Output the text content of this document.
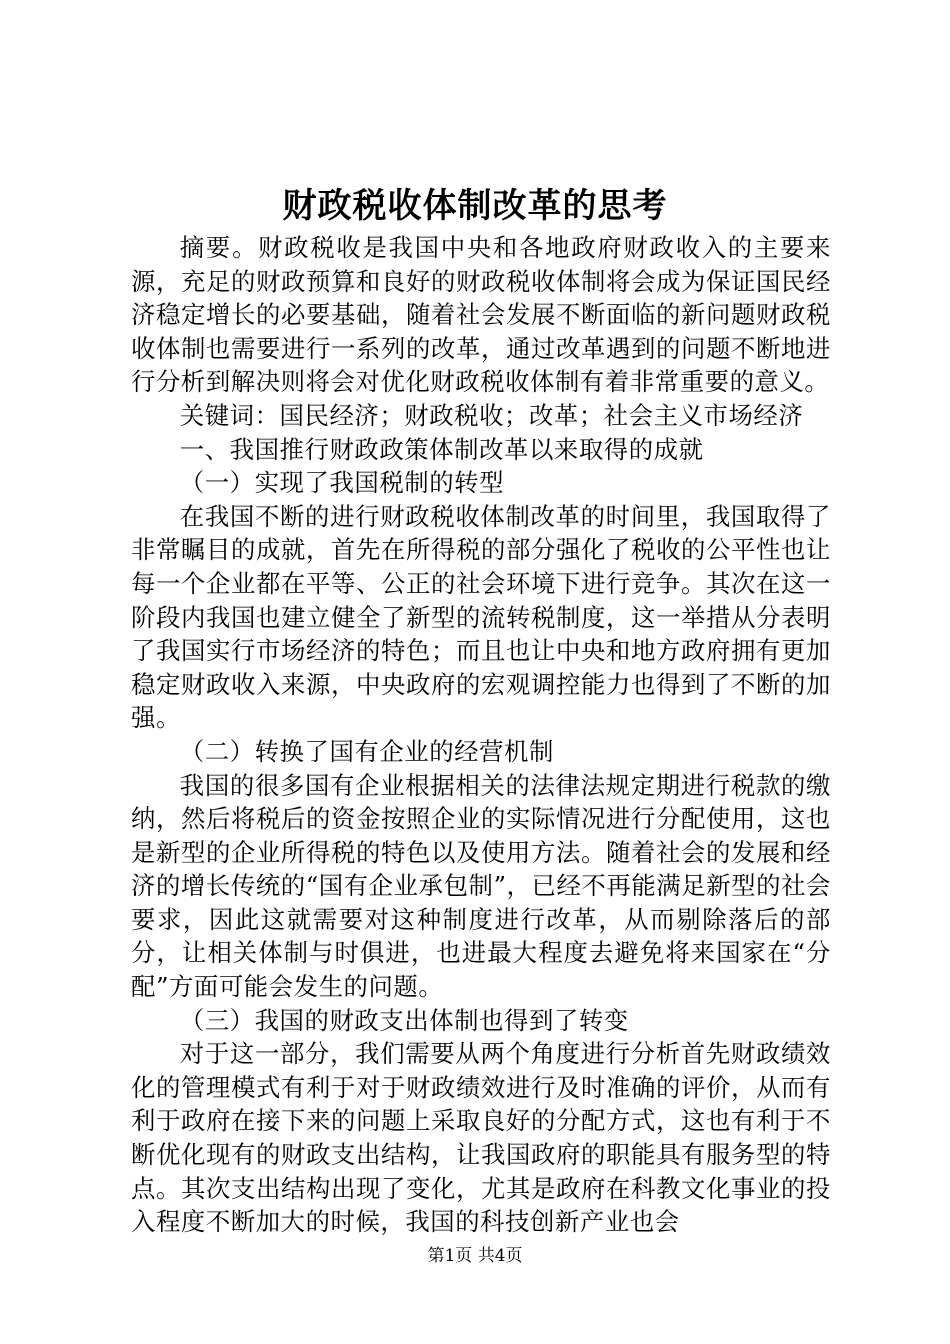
财政税收体制改革的思考

摘要。财政税收是我国中央和各地政府财政收入的主要来源，充足的财政预算和良好的财政税收体制将会成为保证国民经济稳定增长的必要基础，随着社会发展不断面临的新问题财政税收体制也需要进行一系列的改革，通过改革遇到的问题不断地进行分析到解决则将会对优化财政税收体制有着非常重要的意义。

关键词：国民经济；财政税收；改革；社会主义市场经济

一、我国推行财政政策体制改革以来取得的成就

（一）实现了我国税制的转型

在我国不断的进行财政税收体制改革的时间里，我国取得了非常瞩目的成就，首先在所得税的部分强化了税收的公平性也让每一个企业都在平等、公正的社会环境下进行竞争。其次在这一阶段内我国也建立健全了新型的流转税制度，这一举措从分表明了我国实行市场经济的特色；而且也让中央和地方政府拥有更加稳定财政收入来源，中央政府的宏观调控能力也得到了不断的加强。

（二）转换了国有企业的经营机制

我国的很多国有企业根据相关的法律法规定期进行税款的缴纳，然后将税后的资金按照企业的实际情况进行分配使用，这也是新型的企业所得税的特色以及使用方法。随着社会的发展和经济的增长传统的“国有企业承包制”，已经不再能满足新型的社会要求，因此这就需要对这种制度进行改革，从而剔除落后的部分，让相关体制与时俱进，也进最大程度去避免将来国家在“分配”方面可能会发生的问题。

（三）我国的财政支出体制也得到了转变

对于这一部分，我们需要从两个角度进行分析首先财政绩效化的管理模式有利于对于财政绩效进行及时准确的评价，从而有利于政府在接下来的问题上采取良好的分配方式，这也有利于不断优化现有的财政支出结构，让我国政府的职能具有服务型的特点。其次支出结构出现了变化，尤其是政府在科教文化事业的投入程度不断加大的时候，我国的科技创新产业也会

第1页 共4页
